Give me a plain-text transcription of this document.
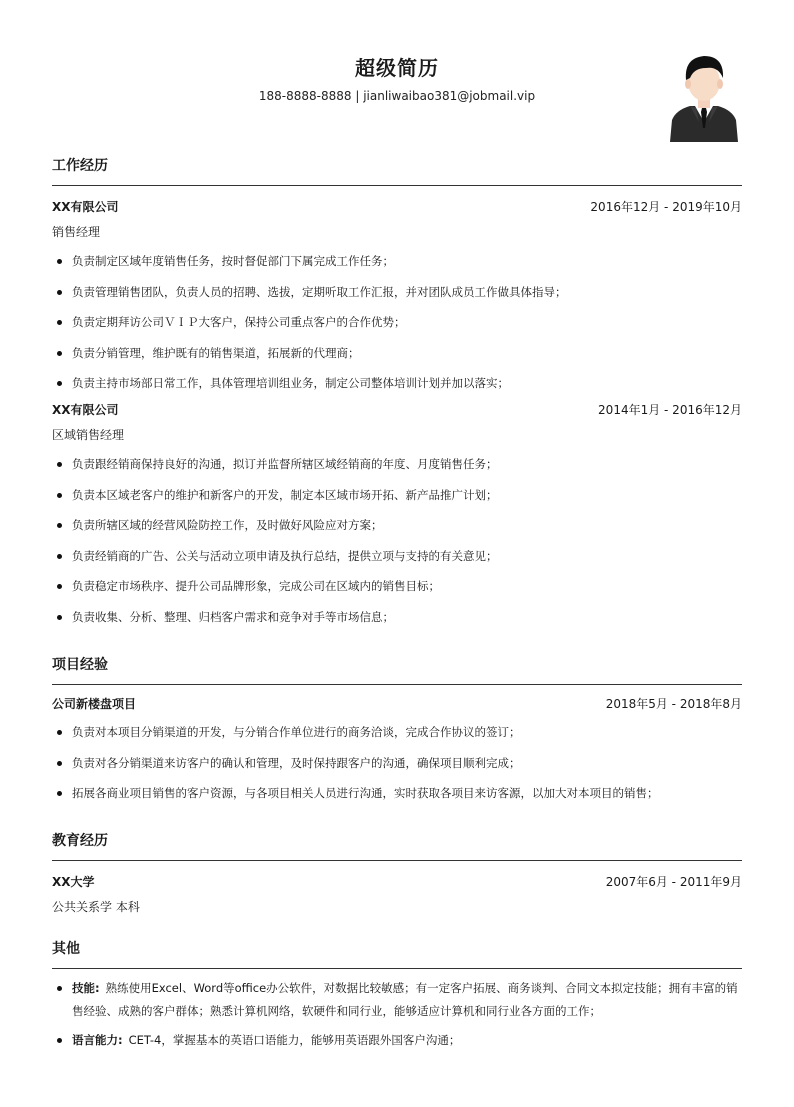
超级简历
188-8888-8888 | jianliwaibao381@jobmail.vip
工作经历
XX有限公司	2016年12月 - 2019年10月
销售经理
负责制定区域年度销售任务，按时督促部门下属完成工作任务；
负责管理销售团队，负责人员的招聘、选拔，定期听取工作汇报，并对团队成员工作做具体指导；
负责定期拜访公司ＶＩＰ大客户，保持公司重点客户的合作优势；
负责分销管理，维护既有的销售渠道，拓展新的代理商；
负责主持市场部日常工作，具体管理培训组业务，制定公司整体培训计划并加以落实；
XX有限公司	2014年1月 - 2016年12月
区域销售经理
负责跟经销商保持良好的沟通，拟订并监督所辖区域经销商的年度、月度销售任务；
负责本区域老客户的维护和新客户的开发，制定本区域市场开拓、新产品推广计划；
负责所辖区域的经营风险防控工作，及时做好风险应对方案；
负责经销商的广告、公关与活动立项申请及执行总结，提供立项与支持的有关意见；
负责稳定市场秩序、提升公司品牌形象，完成公司在区域内的销售目标；
负责收集、分析、整理、归档客户需求和竞争对手等市场信息；
项目经验
公司新楼盘项目	2018年5月 - 2018年8月
负责对本项目分销渠道的开发，与分销合作单位进行的商务洽谈，完成合作协议的签订；
负责对各分销渠道来访客户的确认和管理，及时保持跟客户的沟通，确保项目顺利完成；
拓展各商业项目销售的客户资源，与各项目相关人员进行沟通，实时获取各项目来访客源，以加大对本项目的销售；
教育经历
XX大学	2007年6月 - 2011年9月
公共关系学 本科
其他
技能: 熟练使用Excel、Word等office办公软件，对数据比较敏感；有一定客户拓展、商务谈判、合同文本拟定技能；拥有丰富的销售经验、成熟的客户群体；熟悉计算机网络，软硬件和同行业，能够适应计算机和同行业各方面的工作；
语言能力: CET-4，掌握基本的英语口语能力，能够用英语跟外国客户沟通；
